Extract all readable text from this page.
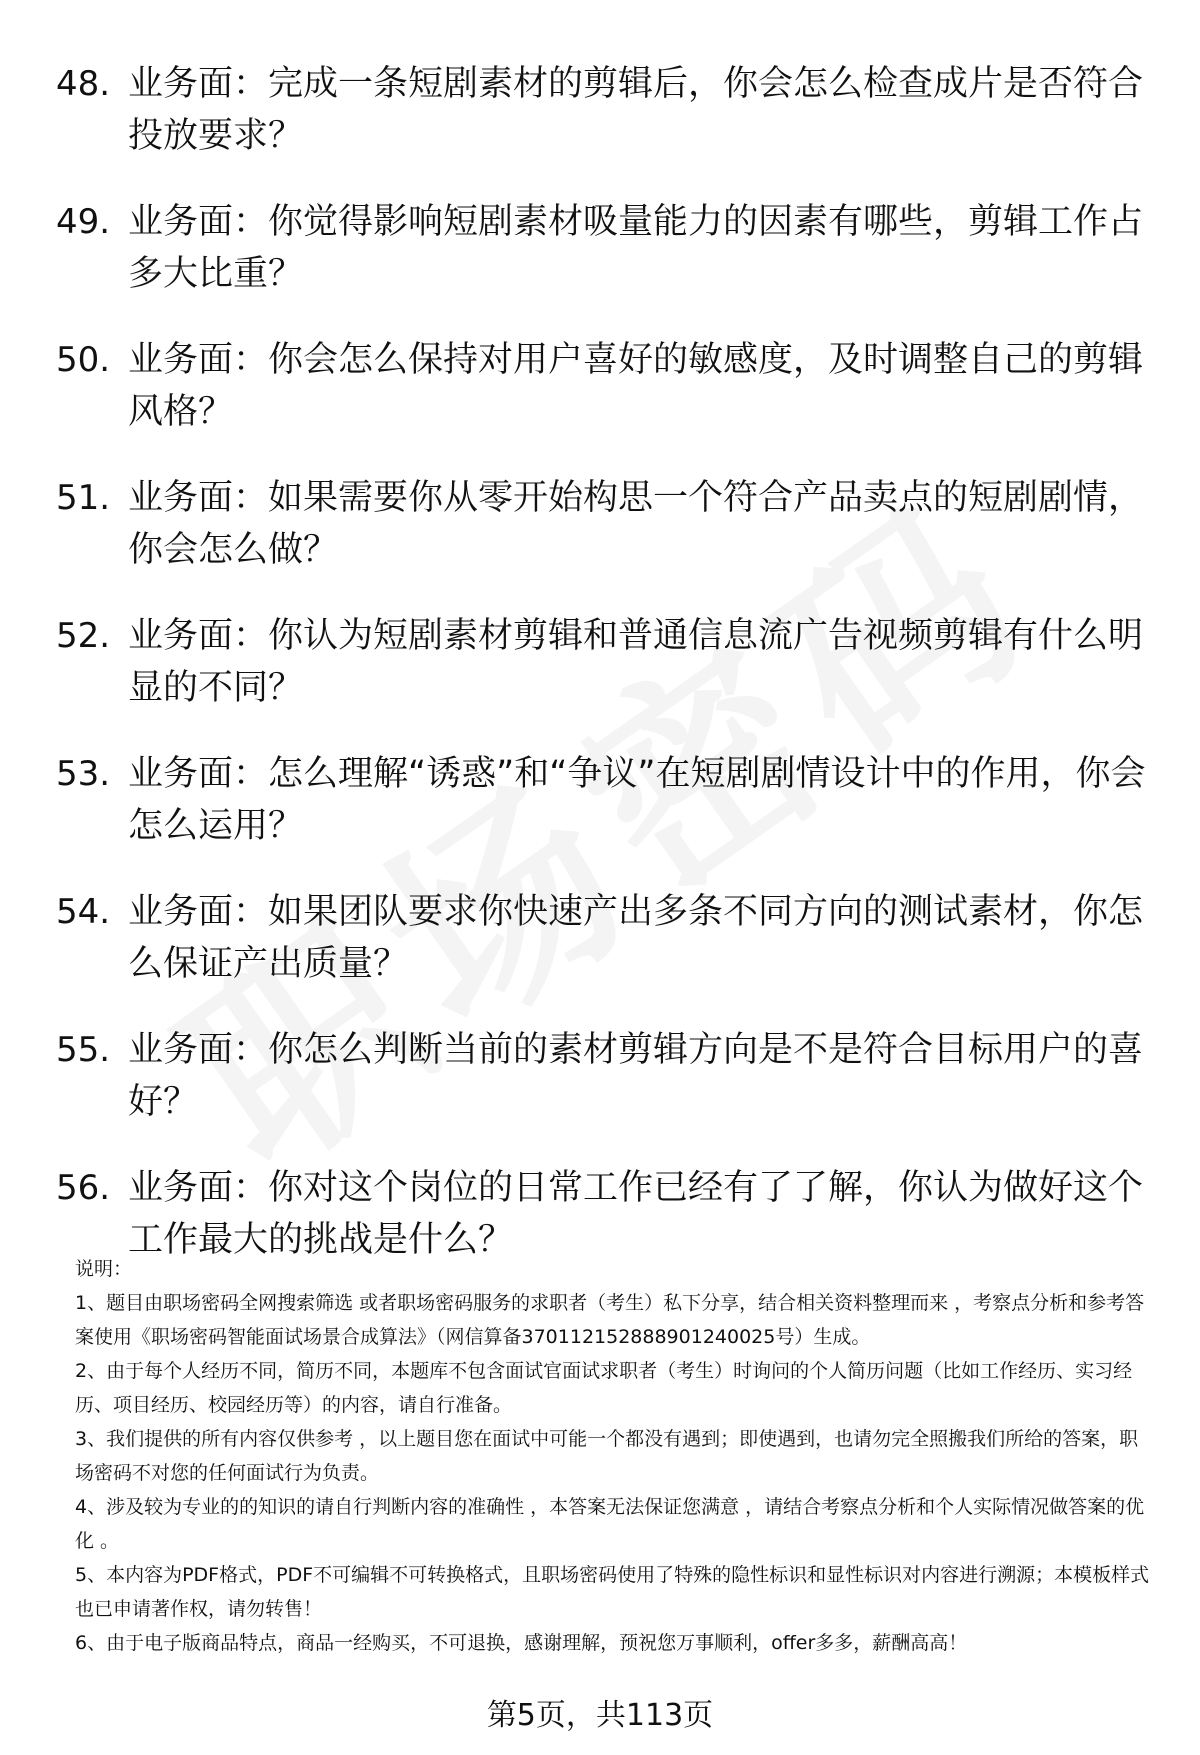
48. 业务面：完成一条短剧素材的剪辑后，你会怎么检查成片是否符合投放要求？
49. 业务面：你觉得影响短剧素材吸量能力的因素有哪些，剪辑工作占多大比重？
50. 业务面：你会怎么保持对用户喜好的敏感度，及时调整自己的剪辑风格？
51. 业务面：如果需要你从零开始构思一个符合产品卖点的短剧剧情，你会怎么做？
52. 业务面：你认为短剧素材剪辑和普通信息流广告视频剪辑有什么明显的不同？
53. 业务面：怎么理解“诱惑”和“争议”在短剧剧情设计中的作用，你会怎么运用？
54. 业务面：如果团队要求你快速产出多条不同方向的测试素材，你怎么保证产出质量？
55. 业务面：你怎么判断当前的素材剪辑方向是不是符合目标用户的喜好？
56. 业务面：你对这个岗位的日常工作已经有了了解，你认为做好这个工作最大的挑战是什么？
说明：
1、题目由职场密码全网搜索筛选 或者职场密码服务的求职者（考生）私下分享，结合相关资料整理而来 ，考察点分析和参考答案使用《职场密码智能面试场景合成算法》（网信算备370112152888901240025号）生成。
2、由于每个人经历不同，简历不同，本题库不包含面试官面试求职者（考生）时询问的个人简历问题（比如工作经历、实习经历、项目经历、校园经历等）的内容，请自行准备。
3、我们提供的所有内容仅供参考 ，以上题目您在面试中可能一个都没有遇到；即使遇到，也请勿完全照搬我们所给的答案，职场密码不对您的任何面试行为负责。
4、涉及较为专业的的知识的请自行判断内容的准确性 ，本答案无法保证您满意 ，请结合考察点分析和个人实际情况做答案的优化 。
5、本内容为PDF格式，PDF不可编辑不可转换格式，且职场密码使用了特殊的隐性标识和显性标识对内容进行溯源；本模板样式也已申请著作权，请勿转售！
6、由于电子版商品特点，商品一经购买，不可退换，感谢理解，预祝您万事顺利，offer多多，薪酬高高！
第5页，共113页
